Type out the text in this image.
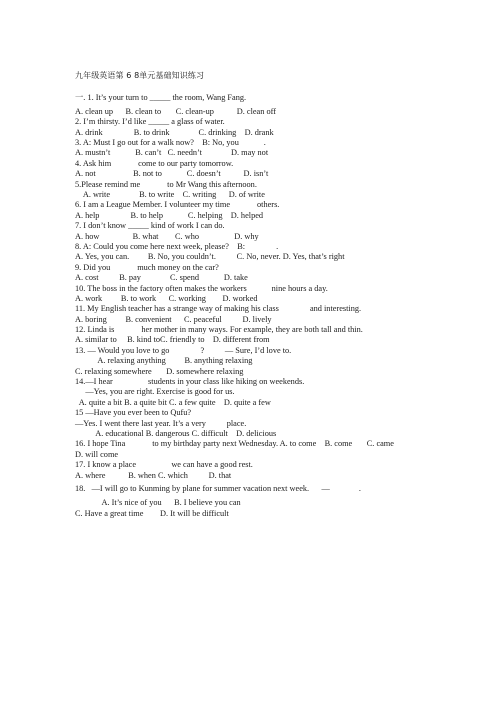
九年级英语第 6 8单元基础知识练习
一. 1. It’s your turn to _____ the room, Wang Fang.
A. clean up      B. clean to       C. clean-up           D. clean off
2. I’m thirsty. I’d like _____ a glass of water.
A. drink               B. to drink              C. drinking    D. drank
3. A: Must I go out for a walk now?    B: No, you            .
A. mustn’t            B. can’t   C. needn’t              D. may not
4. Ask him             come to our party tomorrow.
A. not                  B. not to            C. doesn’t           D. isn’t
5.Please remind me             to Mr Wang this afternoon.
A. write              B. to write    C. writing      D. of write
6. I am a League Member. I volunteer my time             others.
A. help               B. to help            C. helping    D. helped
7. I don’t know _____ kind of work I can do.
A. how                B. what        C. who                 D. why
8. A: Could you come here next week, please?    B:               .
A. Yes, you can.         B. No, you couldn’t.          C. No, never. D. Yes, that’s right
9. Did you             much money on the car?
A. cost          B. pay              C. spend            D. take
10. The boss in the factory often makes the workers            nine hours a day.
A. work         B. to work      C. working        D. worked
11. My English teacher has a strange way of making his class               and interesting.
A. boring         B. convenient      C. peaceful          D. lively
12. Linda is             her mother in many ways. For example, they are both tall and thin.
A. similar to     B. kind toC. friendly to    D. different from
13. — Would you love to go               ?          — Sure, I’d love to.
A. relaxing anything         B. anything relaxing
C. relaxing somewhere       D. somewhere relaxing
14.—I hear                 students in your class like hiking on weekends.
—Yes, you are right. Exercise is good for us.
A. quite a bit B. a quite bit C. a few quite    D. quite a few
15 —Have you ever been to Qufu?
—Yes. I went there last year. It’s a very          place.
A. educational B. dangerous C. difficult    D. delicious
16. I hope Tina             to my birthday party next Wednesday. A. to come    B. come       C. came
D. will come
17. I know a place                 we can have a good rest.
A. where           B. when C. which          D. that
18.   —I will go to Kunming by plane for summer vacation next week.      —              .
A. It’s nice of you      B. I believe you can
C. Have a great time        D. It will be difficult
